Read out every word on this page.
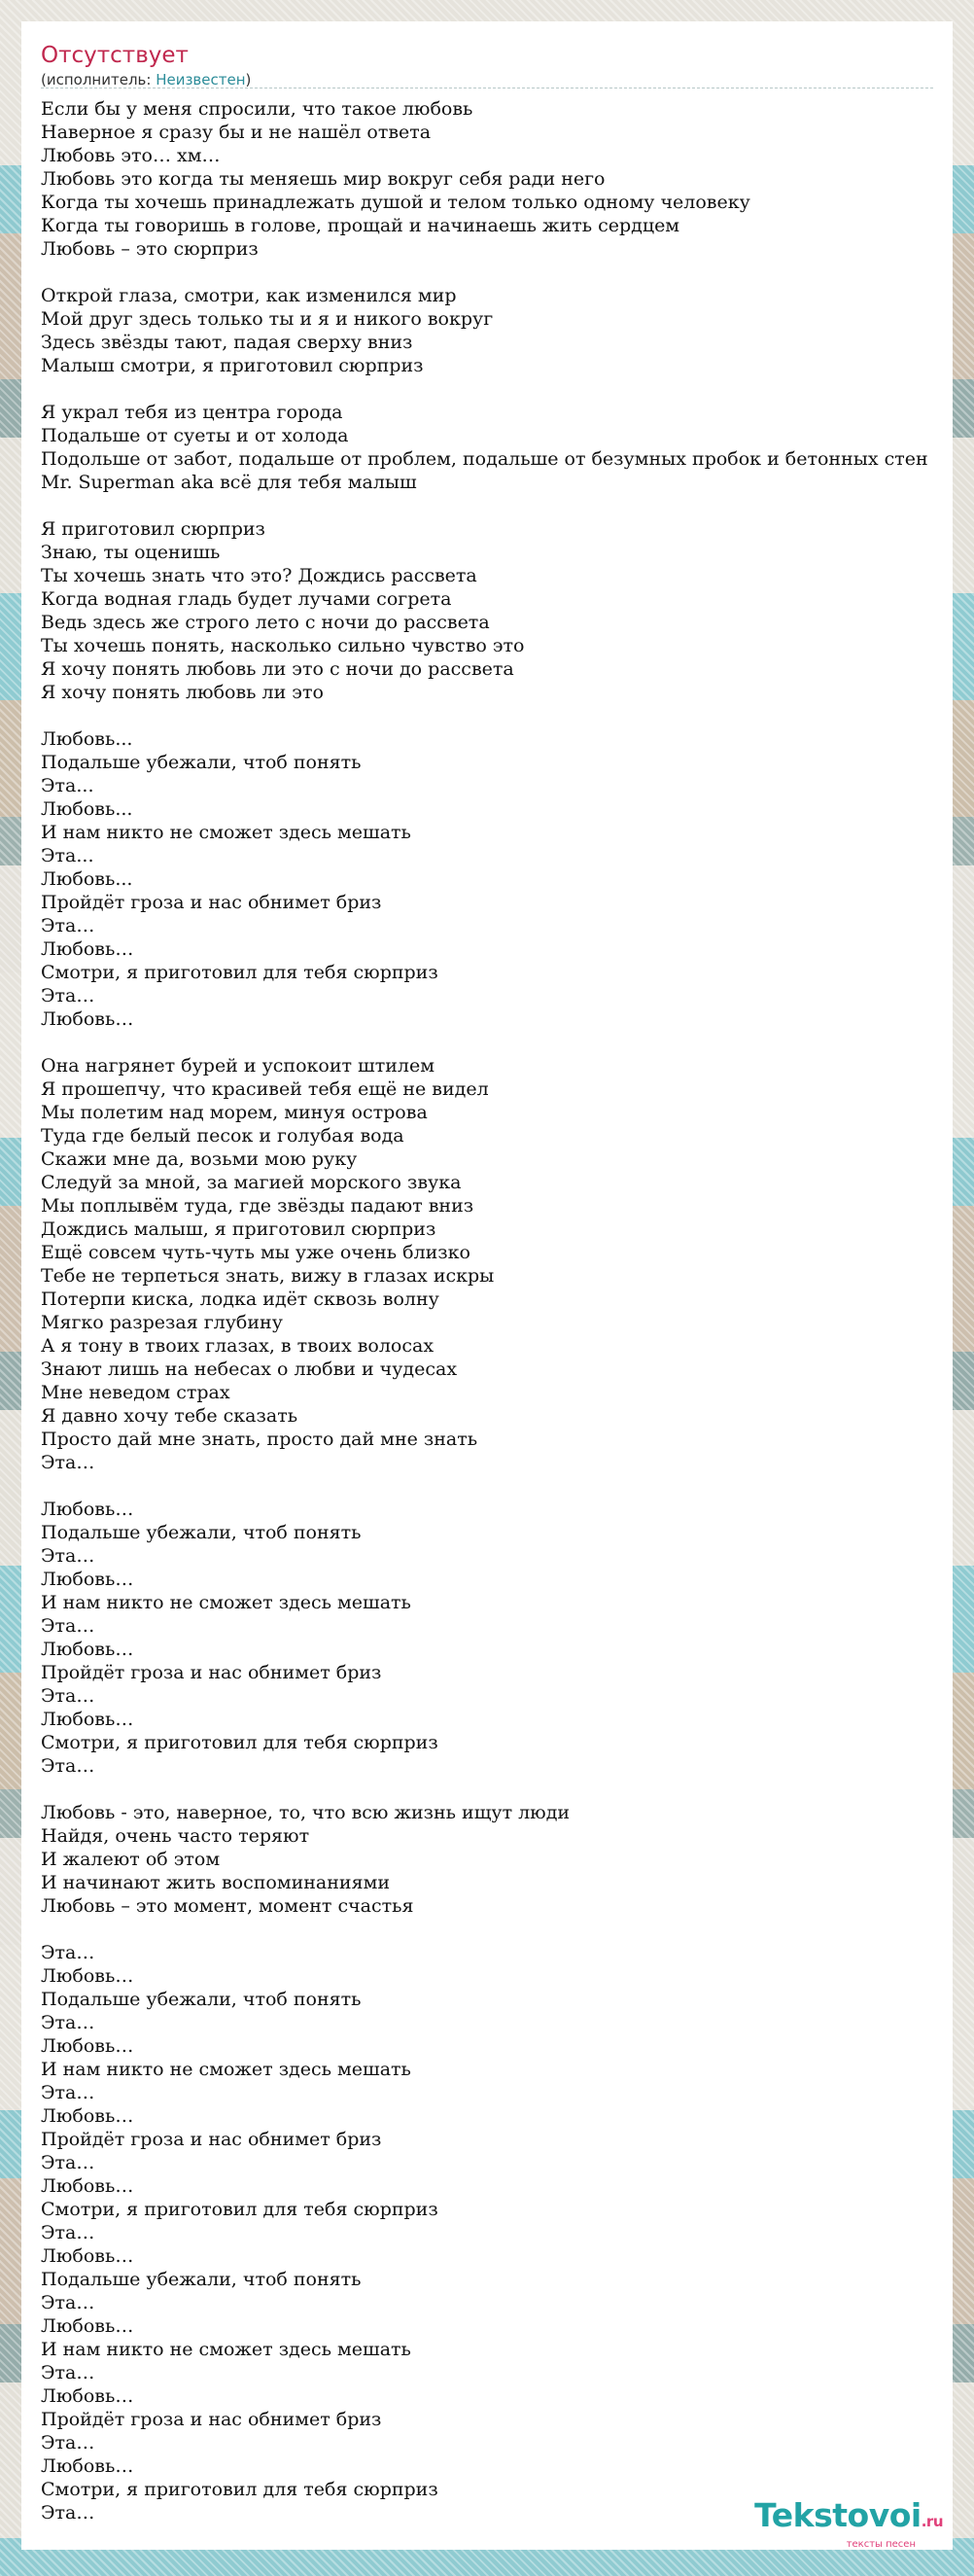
Отсутствует
(исполнитель: Неизвестен)
Если бы у меня спросили, что такое любовь
Наверное я сразу бы и не нашёл ответа
Любовь это… хм…
Любовь это когда ты меняешь мир вокруг себя ради него
Когда ты хочешь принадлежать душой и телом только одному человеку
Когда ты говоришь в голове, прощай и начинаешь жить сердцем
Любовь – это сюрприз
Открой глаза, смотри, как изменился мир
Мой друг здесь только ты и я и никого вокруг
Здесь звёзды тают, падая сверху вниз
Малыш смотри, я приготовил сюрприз
Я украл тебя из центра города
Подальше от суеты и от холода
Подольше от забот, подальше от проблем, подальше от безумных пробок и бетонных стен
Mr. Superman aka всё для тебя малыш
Я приготовил сюрприз
Знаю, ты оценишь
Ты хочешь знать что это? Дождись рассвета
Когда водная гладь будет лучами согрета
Ведь здесь же строго лето с ночи до рассвета
Ты хочешь понять, насколько сильно чувство это
Я хочу понять любовь ли это с ночи до рассвета
Я хочу понять любовь ли это
Любовь...
Подальше убежали, чтоб понять
Эта...
Любовь...
И нам никто не сможет здесь мешать
Эта...
Любовь...
Пройдёт гроза и нас обнимет бриз
Эта…
Любовь…
Смотри, я приготовил для тебя сюрприз
Эта…
Любовь…
Она нагрянет бурей и успокоит штилем
Я прошепчу, что красивей тебя ещё не видел
Мы полетим над морем, минуя острова
Туда где белый песок и голубая вода
Скажи мне да, возьми мою руку
Следуй за мной, за магией морского звука
Мы поплывём туда, где звёзды падают вниз
Дождись малыш, я приготовил сюрприз
Ещё совсем чуть-чуть мы уже очень близко
Тебе не терпеться знать, вижу в глазах искры
Потерпи киска, лодка идёт сквозь волну
Мягко разрезая глубину
А я тону в твоих глазах, в твоих волосах
Знают лишь на небесах о любви и чудесах
Мне неведом страх
Я давно хочу тебе сказать
Просто дай мне знать, просто дай мне знать
Эта…
Любовь…
Подальше убежали, чтоб понять
Эта…
Любовь…
И нам никто не сможет здесь мешать
Эта…
Любовь…
Пройдёт гроза и нас обнимет бриз
Эта…
Любовь…
Смотри, я приготовил для тебя сюрприз
Эта…
Любовь - это, наверное, то, что всю жизнь ищут люди
Найдя, очень часто теряют
И жалеют об этом
И начинают жить воспоминаниями
Любовь – это момент, момент счастья
Эта…
Любовь…
Подальше убежали, чтоб понять
Эта…
Любовь…
И нам никто не сможет здесь мешать
Эта…
Любовь…
Пройдёт гроза и нас обнимет бриз
Эта…
Любовь…
Смотри, я приготовил для тебя сюрприз
Эта…
Любовь…
Подальше убежали, чтоб понять
Эта…
Любовь…
И нам никто не сможет здесь мешать
Эта…
Любовь…
Пройдёт гроза и нас обнимет бриз
Эта…
Любовь…
Смотри, я приготовил для тебя сюрприз
Эта…	Tekstovoi.ru
тексты песен
